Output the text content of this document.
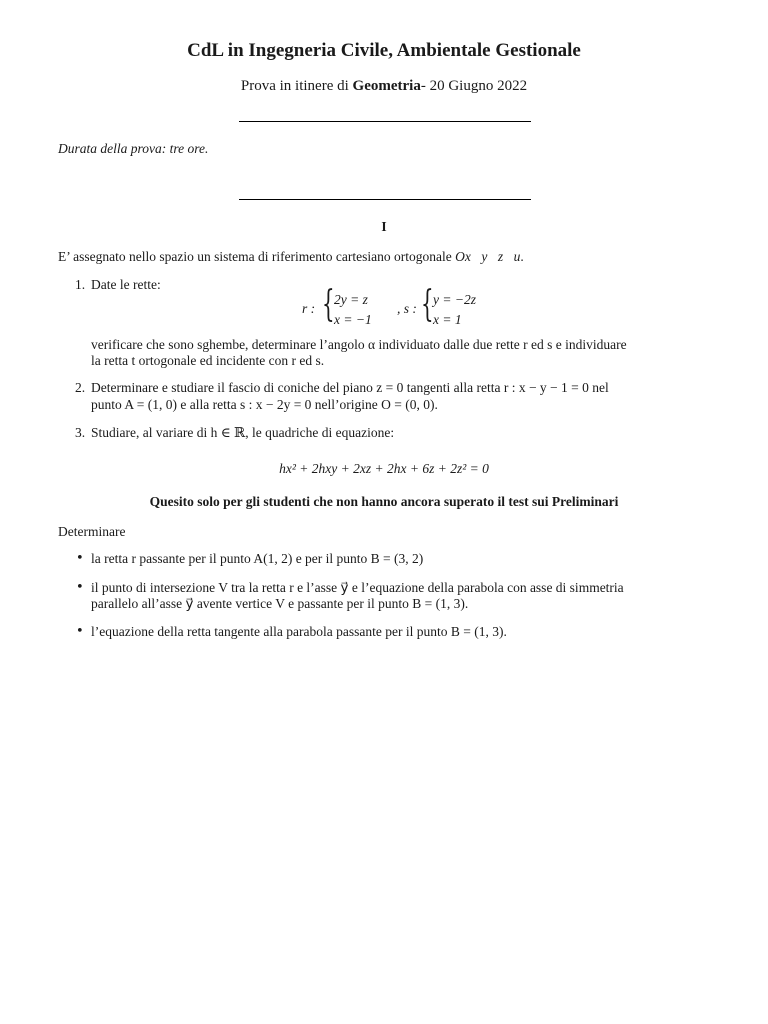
CdL in Ingegneria Civile, Ambientale Gestionale
Prova in itinere di Geometria- 20 Giugno 2022
Durata della prova: tre ore.
I
E’ assegnato nello spazio un sistema di riferimento cartesiano ortogonale Ox⃗y⃗z⃗u.
1. Date le rette:
r : { 2y = z
x = −1
, s : { y = −2z
x = 1
verificare che sono sghembe, determinare l’angolo α individuato dalle due rette r ed s e individuare
la retta t ortogonale ed incidente con r ed s.
2. Determinare e studiare il fascio di coniche del piano z = 0 tangenti alla retta r : x − y − 1 = 0 nel
punto A = (1, 0) e alla retta s : x − 2y = 0 nell’origine O = (0, 0).
3. Studiare, al variare di h ∈ ℝ, le quadriche di equazione:
hx² + 2hxy + 2xz + 2hx + 6z + 2z² = 0
Quesito solo per gli studenti che non hanno ancora superato il test sui Preliminari
Determinare
• la retta r passante per il punto A(1, 2) e per il punto B = (3, 2)
• il punto di intersezione V tra la retta r e l’asse y⃗ e l’equazione della parabola con asse di simmetria
parallelo all’asse y⃗ avente vertice V e passante per il punto B = (1, 3).
• l’equazione della retta tangente alla parabola passante per il punto B = (1, 3).
